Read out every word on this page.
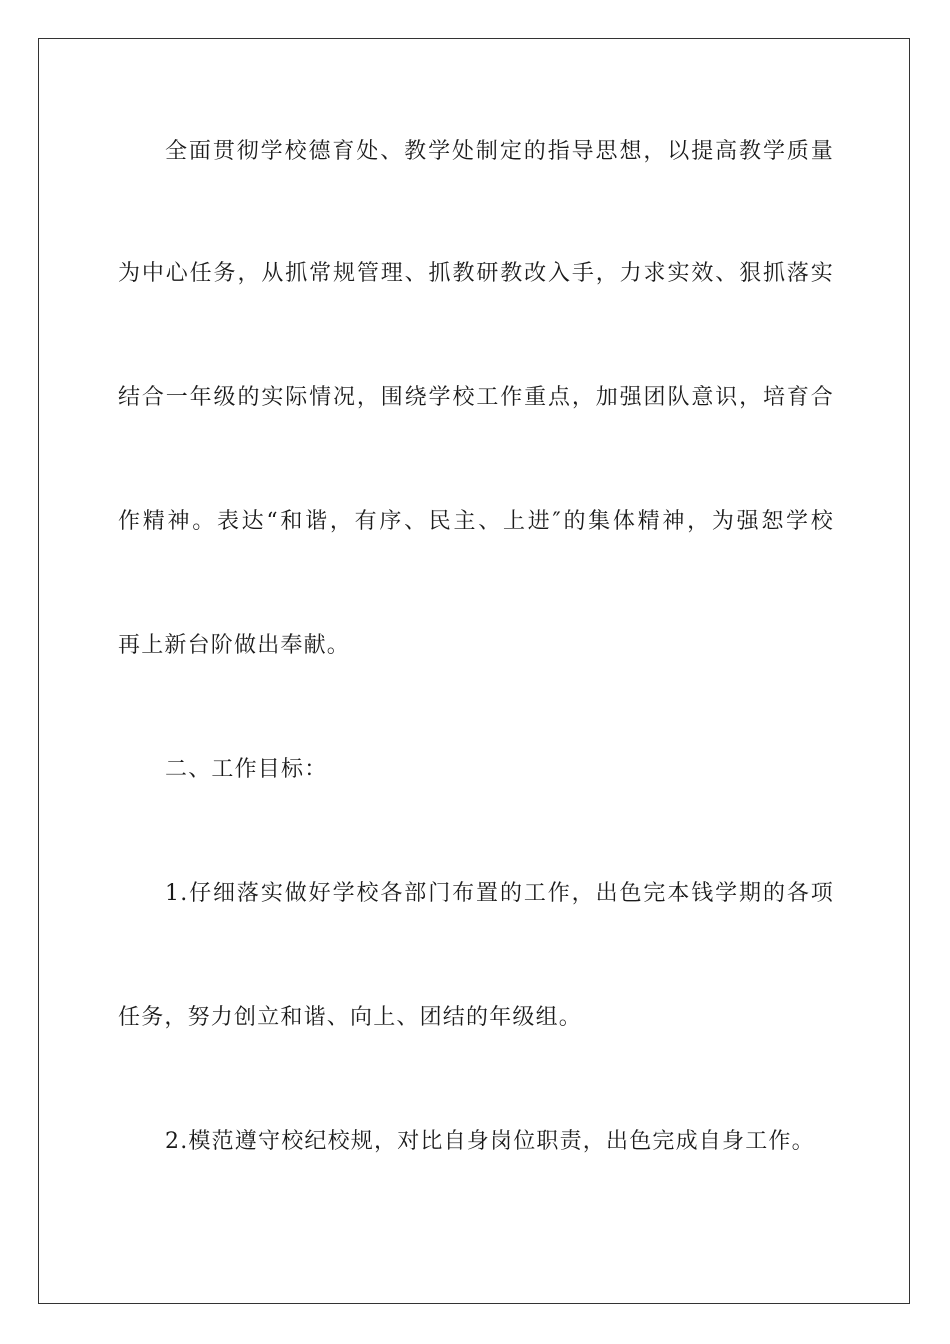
全面贯彻学校德育处、教学处制定的指导思想，以提高教学质量
为中心任务，从抓常规管理、抓教研教改入手，力求实效、狠抓落实
结合一年级的实际情况，围绕学校工作重点，加强团队意识，培育合
作精神。表达“和谐，有序、民主、上进″的集体精神，为强恕学校
再上新台阶做出奉献。
二、工作目标：
1.仔细落实做好学校各部门布置的工作，出色完本钱学期的各项
任务，努力创立和谐、向上、团结的年级组。
2.模范遵守校纪校规，对比自身岗位职责，出色完成自身工作。
